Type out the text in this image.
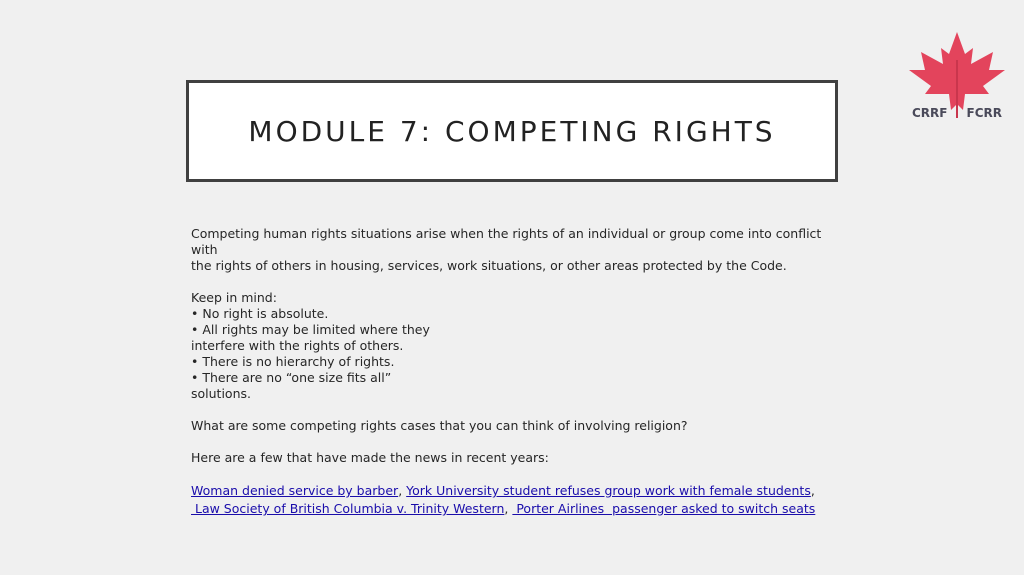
MODULE 7: COMPETING RIGHTS
CRRF FCRR

Competing human rights situations arise when the rights of an individual or group come into conflict with

the rights of others in housing, services, work situations, or other areas protected by the Code.

Keep in mind:

• No right is absolute.

• All rights may be limited where they

interfere with the rights of others.

• There is no hierarchy of rights.

• There are no “one size fits all”

solutions.

What are some competing rights cases that you can think of involving religion?

Here are a few that have made the news in recent years:

Woman denied service by barber, York University student refuses group work with female students,
Law Society of British Columbia v. Trinity Western,  Porter Airlines  passenger asked to switch seats
